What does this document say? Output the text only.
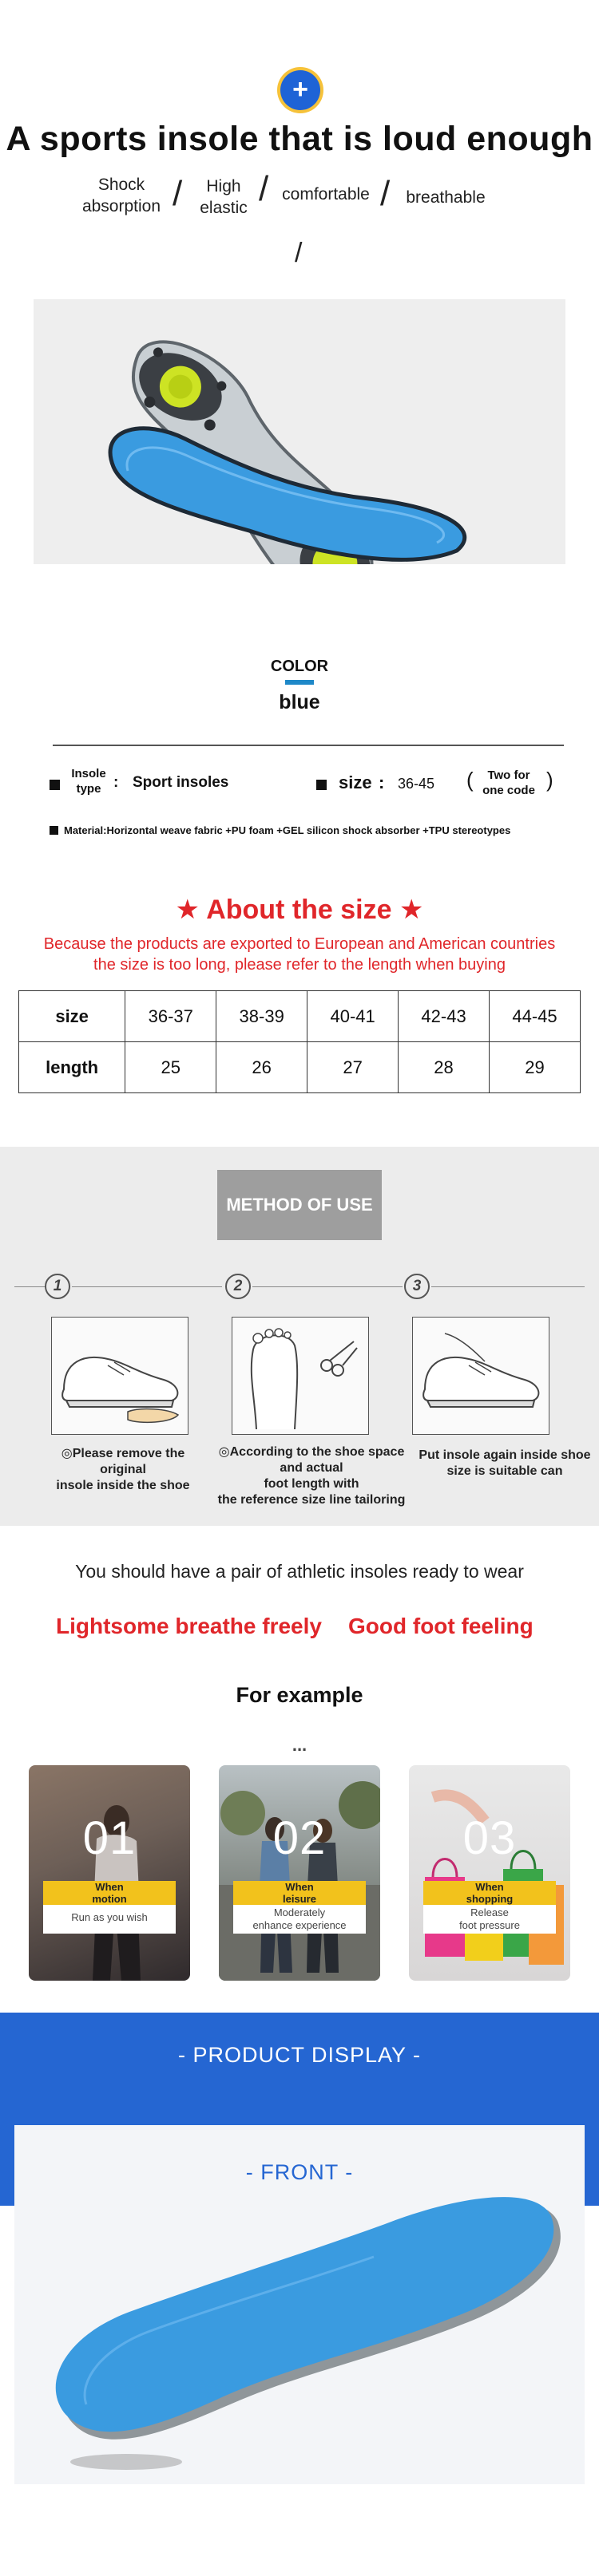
+
A sports insole that is loud enough
Shock
absorption /	High
elastic / comfortable / breathable
/
COLOR
blue
Insole
type : Sport insoles	size : 36-45 (	Two for
one code )
Material:Horizontal weave fabric +PU foam +GEL silicon shock absorber +TPU stereotypes
★ About the size ★
Because the products are exported to European and American countries
the size is too long, please refer to the length when buying
size	36-37	38-39	40-41	42-43	44-45
length	25	26	27	28	29
METHOD OF USE
1	2	3
◎Please remove the original
insole inside the shoe
◎According to the shoe space
and actual
foot length with
the reference size line tailoring
Put insole again inside shoe
size is suitable can
You should have a pair of athletic insoles ready to wear
Lightsome breathe freely Good foot feeling
For example
...
01
When
motion
Run as you wish
02
When
leisure
Moderately
enhance experience
03
When
shopping
Release
foot pressure
- PRODUCT DISPLAY -
- FRONT -
